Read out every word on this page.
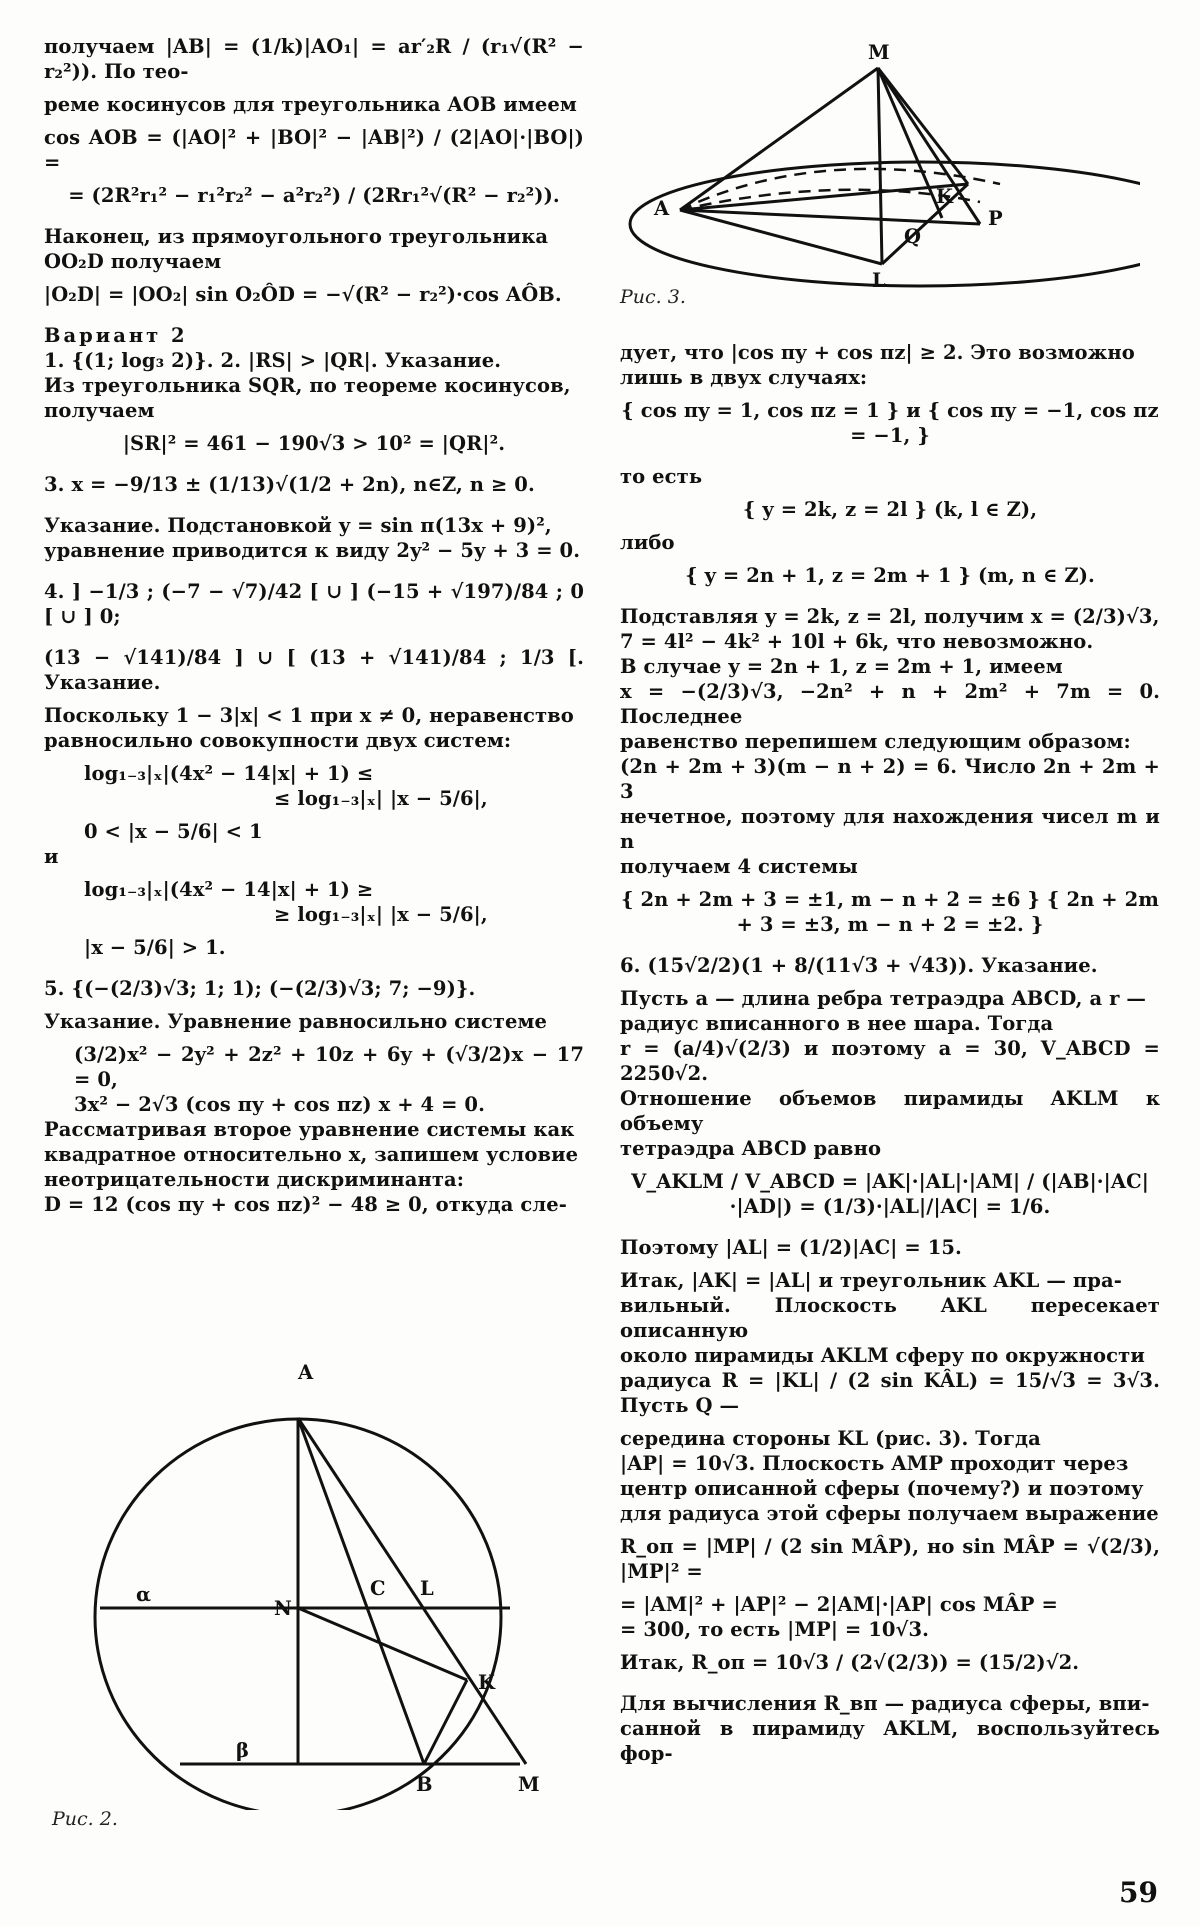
получаем |AB| = (1/k)|AO₁| = ar′₂R / (r₁√(R² − r₂²)). По тео-

реме косинусов для треугольника AOB имеем

cos AOB = (|AO|² + |BO|² − |AB|²) / (2|AO|·|BO|) =

= (2R²r₁² − r₁²r₂² − a²r₂²) / (2Rr₁²√(R² − r₂²)).

Наконец, из прямоугольного треугольника

OO₂D получаем

|O₂D| = |OO₂| sin O₂ÔD = −√(R² − r₂²)·cos AÔB.

Вариант 2

1. {(1; log₃ 2)}. 2. |RS| > |QR|. Указание.

Из треугольника SQR, по теореме косинусов,

получаем

|SR|² = 461 − 190√3 > 10² = |QR|².

3. x = −9/13 ± (1/13)√(1/2 + 2n), n∈Z, n ≥ 0.

Указание. Подстановкой y = sin π(13x + 9)²,

уравнение приводится к виду 2y² − 5y + 3 = 0.

4. ] −1/3 ; (−7 − √7)/42 [ ∪ ] (−15 + √197)/84 ; 0 [ ∪ ] 0;

(13 − √141)/84 ] ∪ [ (13 + √141)/84 ; 1/3 [. Указание.

Поскольку 1 − 3|x| < 1 при x ≠ 0, неравенство

равносильно совокупности двух систем:

log₁₋₃|ₓ|(4x² − 14|x| + 1) ≤

≤ log₁₋₃|ₓ| |x − 5/6|,

0 < |x − 5/6| < 1

и

log₁₋₃|ₓ|(4x² − 14|x| + 1) ≥

≥ log₁₋₃|ₓ| |x − 5/6|,

|x − 5/6| > 1.

5. {(−(2/3)√3; 1; 1); (−(2/3)√3; 7; −9)}.

Указание. Уравнение равносильно системе

(3/2)x² − 2y² + 2z² + 10z + 6y + (√3/2)x − 17 = 0,

3x² − 2√3 (cos πy + cos πz) x + 4 = 0.

Рассматривая второе уравнение системы как

квадратное относительно x, запишем условие

неотрицательности дискриминанта:

D = 12 (cos πy + cos πz)² − 48 ≥ 0, откуда сле-

A
N
C L
K
B	M
α
β
Рис. 2.
M
A
K
Q
P
L
Рис. 3.

дует, что |cos πy + cos πz| ≥ 2. Это возможно

лишь в двух случаях:

{ cos πy = 1, cos πz = 1 } и { cos πy = −1, cos πz = −1, }

то есть

{ y = 2k, z = 2l } (k, l ∈ Z),

либо

{ y = 2n + 1, z = 2m + 1 } (m, n ∈ Z).

Подставляя y = 2k, z = 2l, получим x = (2/3)√3,

7 = 4l² − 4k² + 10l + 6k, что невозможно.

В случае y = 2n + 1, z = 2m + 1, имеем

x = −(2/3)√3, −2n² + n + 2m² + 7m = 0. Последнее

равенство перепишем следующим образом:

(2n + 2m + 3)(m − n + 2) = 6. Число 2n + 2m + 3

нечетное, поэтому для нахождения чисел m и n

получаем 4 системы

{ 2n + 2m + 3 = ±1, m − n + 2 = ±6 } { 2n + 2m + 3 = ±3, m − n + 2 = ±2. }

6. (15√2/2)(1 + 8/(11√3 + √43)). Указание.

Пусть a — длина ребра тетраэдра ABCD, а r —

радиус вписанного в нее шара. Тогда

r = (a/4)√(2/3) и поэтому a = 30, V_ABCD = 2250√2.

Отношение объемов пирамиды AKLM к объему

тетраэдра ABCD равно

V_AKLM / V_ABCD = |AK|·|AL|·|AM| / (|AB|·|AC|·|AD|) = (1/3)·|AL|/|AC| = 1/6.

Поэтому |AL| = (1/2)|AC| = 15.

Итак, |AK| = |AL| и треугольник AKL — пра-

вильный. Плоскость AKL пересекает описанную

около пирамиды AKLM сферу по окружности

радиуса R = |KL| / (2 sin KÂL) = 15/√3 = 3√3. Пусть Q —

середина стороны KL (рис. 3). Тогда

|AP| = 10√3. Плоскость AMP проходит через

центр описанной сферы (почему?) и поэтому

для радиуса этой сферы получаем выражение

R_оп = |MP| / (2 sin MÂP), но sin MÂP = √(2/3), |MP|² =

= |AM|² + |AP|² − 2|AM|·|AP| cos MÂP =

= 300, то есть |MP| = 10√3.

Итак, R_оп = 10√3 / (2√(2/3)) = (15/2)√2.

Для вычисления R_вп — радиуса сферы, впи-

санной в пирамиду AKLM, воспользуйтесь фор-

59
